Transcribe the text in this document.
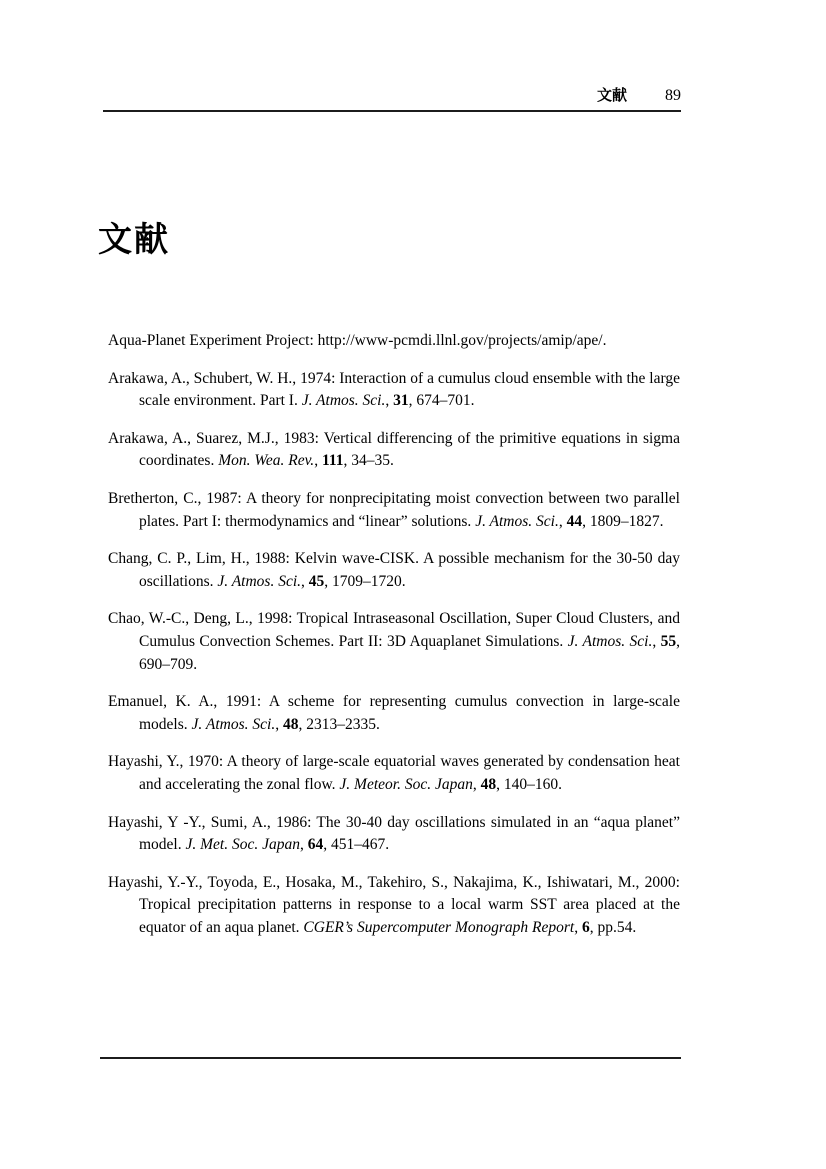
文献 89
文献

Aqua-Planet Experiment Project: http://www-pcmdi.llnl.gov/projects/amip/ape/.

Arakawa, A., Schubert, W. H., 1974: Interaction of a cumulus cloud ensemble with the large scale environment. Part I. J. Atmos. Sci., 31, 674–701.

Arakawa, A., Suarez, M.J., 1983: Vertical differencing of the primitive equations in sigma coordinates. Mon. Wea. Rev., 111, 34–35.

Bretherton, C., 1987: A theory for nonprecipitating moist convection between two parallel plates. Part I: thermodynamics and “linear” solutions. J. Atmos. Sci., 44, 1809–1827.

Chang, C. P., Lim, H., 1988: Kelvin wave-CISK. A possible mechanism for the 30-50 day oscillations. J. Atmos. Sci., 45, 1709–1720.

Chao, W.-C., Deng, L., 1998: Tropical Intraseasonal Oscillation, Super Cloud Clusters, and Cumulus Convection Schemes. Part II: 3D Aquaplanet Simulations. J. Atmos. Sci., 55, 690–709.

Emanuel, K. A., 1991: A scheme for representing cumulus convection in large-scale models. J. Atmos. Sci., 48, 2313–2335.

Hayashi, Y., 1970: A theory of large-scale equatorial waves generated by condensation heat and accelerating the zonal flow. J. Meteor. Soc. Japan, 48, 140–160.

Hayashi, Y -Y., Sumi, A., 1986: The 30-40 day oscillations simulated in an “aqua planet” model. J. Met. Soc. Japan, 64, 451–467.

Hayashi, Y.-Y., Toyoda, E., Hosaka, M., Takehiro, S., Nakajima, K., Ishiwatari, M., 2000: Tropical precipitation patterns in response to a local warm SST area placed at the equator of an aqua planet. CGER’s Supercomputer Monograph Report, 6, pp.54.
